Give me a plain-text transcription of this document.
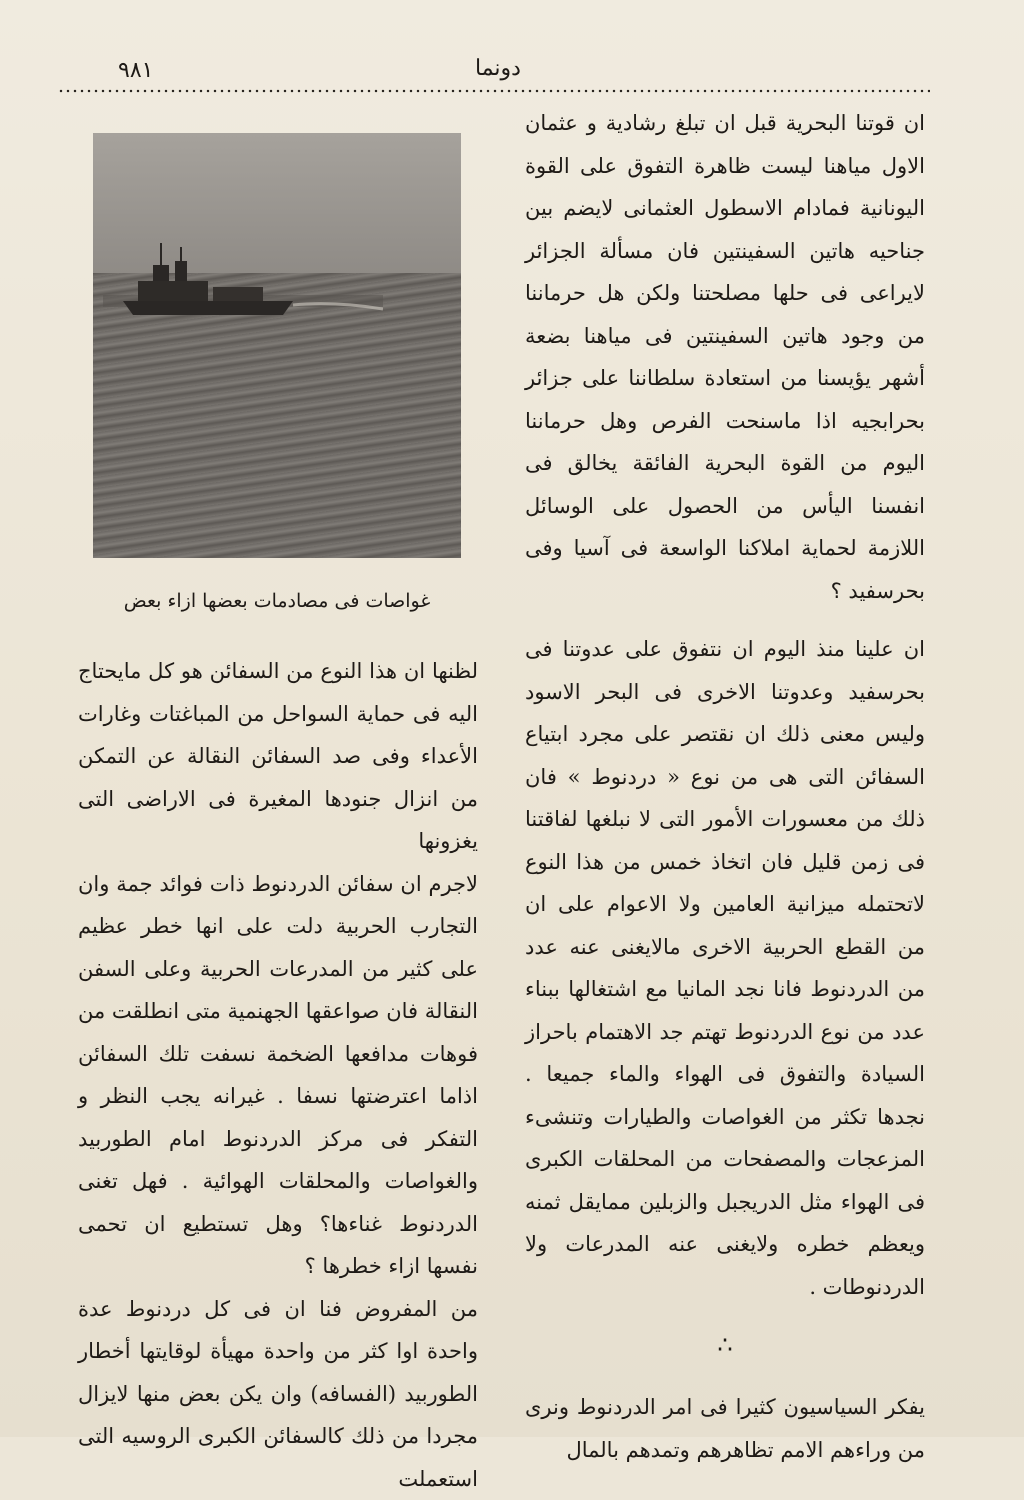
٩٨١	دونما
غواصات فى مصادمات بعضها ازاء بعض

ان قوتنا البحرية قبل ان تبلغ رشادية و عثمان الاول مياهنا ليست ظاهرة التفوق على القوة اليونانية فمادام الاسطول العثمانى لايضم بين جناحيه هاتين السفينتين فان مسألة الجزائر لايراعى فى حلها مصلحتنا ولكن هل حرماننا من وجود هاتين السفينتين فى مياهنا بضعة أشهر يؤيسنا من استعادة سلطاننا على جزائر بحرابجيه اذا ماسنحت الفرص وهل حرماننا اليوم من القوة البحرية الفائقة يخالق فى انفسنا اليأس من الحصول على الوسائل اللازمة لحماية املاكنا الواسعة فى آسيا وفى بحرسفيد ؟

ان علينا منذ اليوم ان نتفوق على عدوتنا فى بحرسفيد وعدوتنا الاخرى فى البحر الاسود وليس معنى ذلك ان نقتصر على مجرد ابتياع السفائن التى هى من نوع « دردنوط » فان ذلك من معسورات الأمور التى لا نبلغها لفاقتنا فى زمن قليل فان اتخاذ خمس من هذا النوع لاتحتمله ميزانية العامين ولا الاعوام على ان من القطع الحربية الاخرى مالايغنى عنه عدد من الدردنوط فانا نجد المانيا مع اشتغالها ببناء عدد من نوع الدردنوط تهتم جد الاهتمام باحراز السيادة والتفوق فى الهواء والماء جميعا . نجدها تكثر من الغواصات والطيارات وتنشىء المزعجات والمصفحات من المحلقات الكبرى فى الهواء مثل الدريجبل والزبلين ممايقل ثمنه ويعظم خطره ولايغنى عنه المدرعات ولا الدردنوطات .

∴

يفكر السياسيون كثيرا فى امر الدردنوط ونرى من وراءهم الامم تظاهرهم وتمدهم بالمال

لظنها ان هذا النوع من السفائن هو كل مايحتاج اليه فى حماية السواحل من المباغتات وغارات الأعداء وفى صد السفائن النقالة عن التمكن من انزال جنودها المغيرة فى الاراضى التى يغزونها

لاجرم ان سفائن الدردنوط ذات فوائد جمة وان التجارب الحربية دلت على انها خطر عظيم على كثير من المدرعات الحربية وعلى السفن النقالة فان صواعقها الجهنمية متى انطلقت من فوهات مدافعها الضخمة نسفت تلك السفائن اذاما اعترضتها نسفا . غيرانه يجب النظر و التفكر فى مركز الدردنوط امام الطوربيد والغواصات والمحلقات الهوائية . فهل تغنى الدردنوط غناءها؟ وهل تستطيع ان تحمى نفسها ازاء خطرها ؟

من المفروض فنا ان فى كل دردنوط عدة واحدة اوا كثر من واحدة مهيأة لوقايتها أخطار الطوربيد (الفسافه) وان يكن بعض منها لايزال مجردا من ذلك كالسفائن الكبرى الروسيه التى استعملت
